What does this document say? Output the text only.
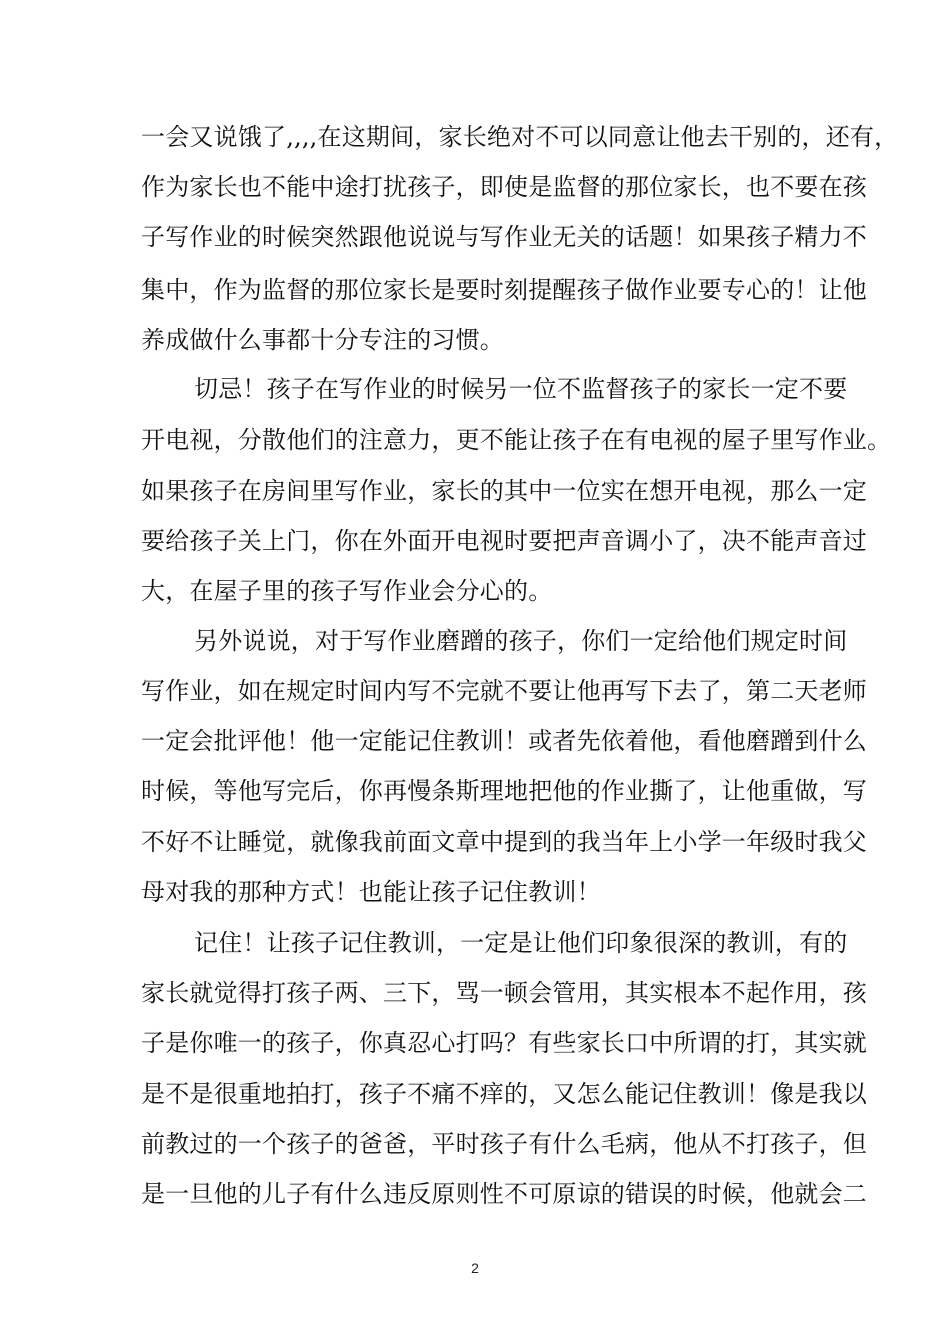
一会又说饿了,,,,在这期间，家长绝对不可以同意让他去干别的，还有，
作为家长也不能中途打扰孩子，即使是监督的那位家长，也不要在孩
子写作业的时候突然跟他说说与写作业无关的话题！如果孩子精力不
集中，作为监督的那位家长是要时刻提醒孩子做作业要专心的！让他
养成做什么事都十分专注的习惯。
切忌！孩子在写作业的时候另一位不监督孩子的家长一定不要
开电视，分散他们的注意力，更不能让孩子在有电视的屋子里写作业。
如果孩子在房间里写作业，家长的其中一位实在想开电视，那么一定
要给孩子关上门，你在外面开电视时要把声音调小了，决不能声音过
大，在屋子里的孩子写作业会分心的。
另外说说，对于写作业磨蹭的孩子，你们一定给他们规定时间
写作业，如在规定时间内写不完就不要让他再写下去了，第二天老师
一定会批评他！他一定能记住教训！或者先依着他，看他磨蹭到什么
时候，等他写完后，你再慢条斯理地把他的作业撕了，让他重做，写
不好不让睡觉，就像我前面文章中提到的我当年上小学一年级时我父
母对我的那种方式！也能让孩子记住教训！
记住！让孩子记住教训，一定是让他们印象很深的教训，有的
家长就觉得打孩子两、三下，骂一顿会管用，其实根本不起作用，孩
子是你唯一的孩子，你真忍心打吗？有些家长口中所谓的打，其实就
是不是很重地拍打，孩子不痛不痒的，又怎么能记住教训！像是我以
前教过的一个孩子的爸爸，平时孩子有什么毛病，他从不打孩子，但
是一旦他的儿子有什么违反原则性不可原谅的错误的时候，他就会二
2
